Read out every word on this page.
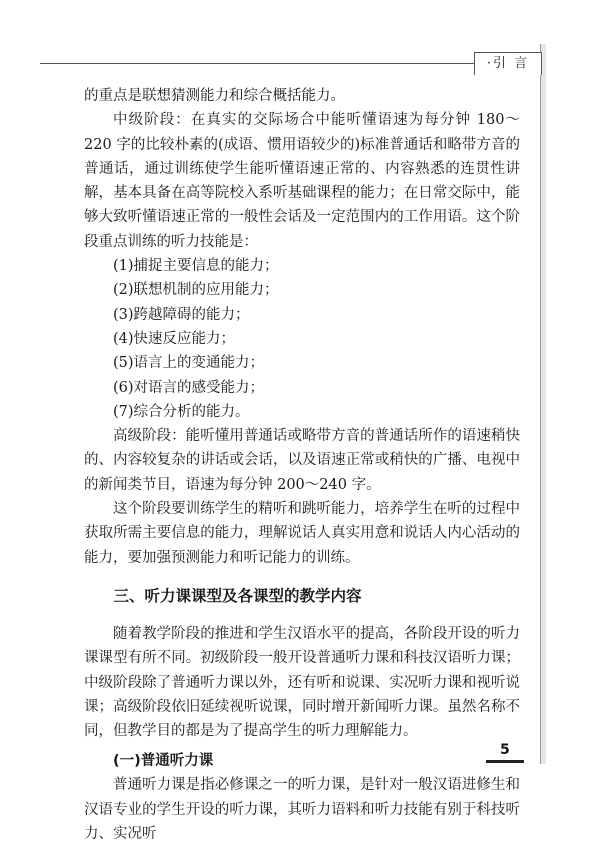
·引 言

的重点是联想猜测能力和综合概括能力。

中级阶段：在真实的交际场合中能听懂语速为每分钟 180～220 字的比较朴素的(成语、惯用语较少的)标准普通话和略带方音的普通话，通过训练使学生能听懂语速正常的、内容熟悉的连贯性讲解，基本具备在高等院校入系听基础课程的能力；在日常交际中，能够大致听懂语速正常的一般性会话及一定范围内的工作用语。这个阶段重点训练的听力技能是：

(1)捕捉主要信息的能力；

(2)联想机制的应用能力；

(3)跨越障碍的能力；

(4)快速反应能力；

(5)语言上的变通能力；

(6)对语言的感受能力；

(7)综合分析的能力。

高级阶段：能听懂用普通话或略带方音的普通话所作的语速稍快的、内容较复杂的讲话或会话，以及语速正常或稍快的广播、电视中的新闻类节目，语速为每分钟 200～240 字。

这个阶段要训练学生的精听和跳听能力，培养学生在听的过程中获取所需主要信息的能力，理解说话人真实用意和说话人内心活动的能力，要加强预测能力和听记能力的训练。

三、听力课课型及各课型的教学内容

随着教学阶段的推进和学生汉语水平的提高，各阶段开设的听力课课型有所不同。初级阶段一般开设普通听力课和科技汉语听力课；中级阶段除了普通听力课以外，还有听和说课、实况听力课和视听说课；高级阶段依旧延续视听说课，同时增开新闻听力课。虽然名称不同，但教学目的都是为了提高学生的听力理解能力。

(一)普通听力课

普通听力课是指必修课之一的听力课，是针对一般汉语进修生和汉语专业的学生开设的听力课，其听力语料和听力技能有别于科技听力、实况听

5
